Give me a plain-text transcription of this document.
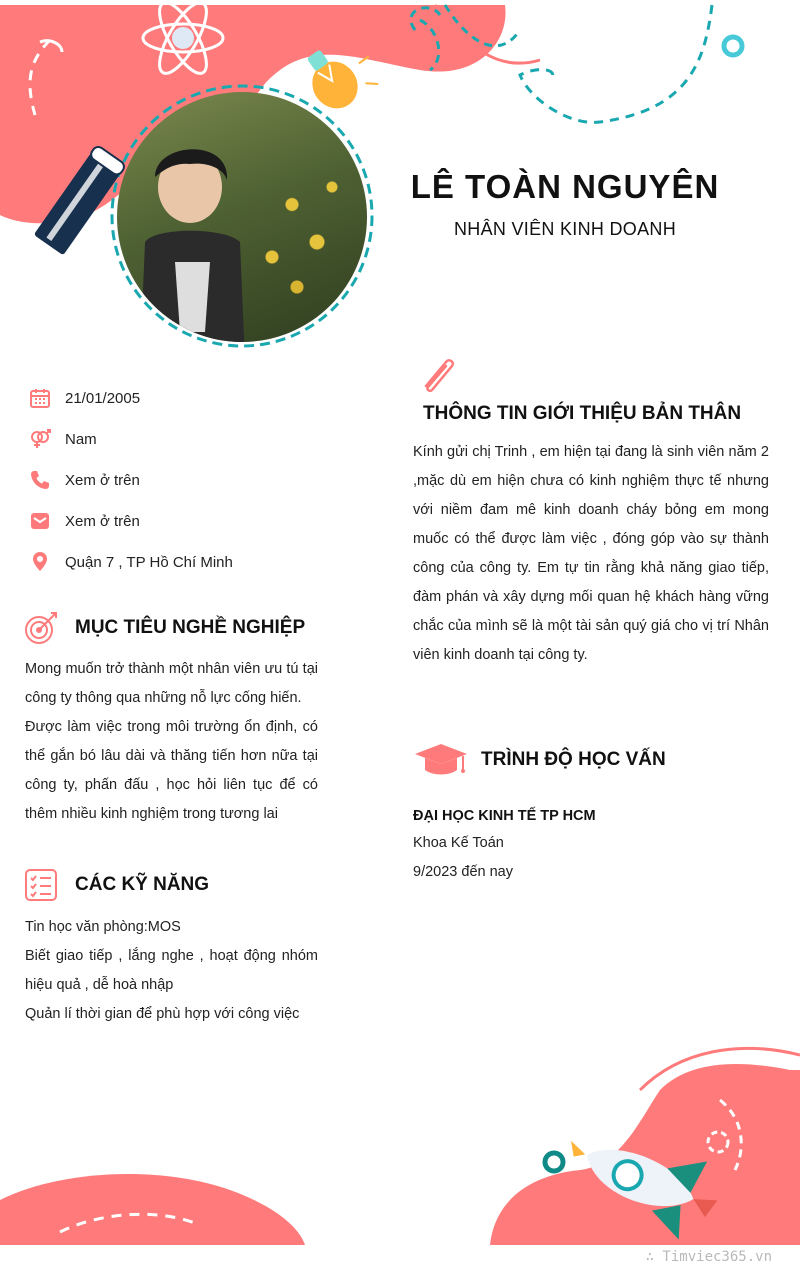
LÊ TOÀN NGUYÊN
NHÂN VIÊN KINH DOANH
21/01/2005
Nam
Xem ở trên
Xem ở trên
Quận 7 , TP Hồ Chí Minh
MỤC TIÊU NGHỀ NGHIỆP

Mong muốn trở thành một nhân viên ưu tú tại công ty thông qua những nỗ lực cống hiến.

Được làm việc trong môi trường ổn định, có thể gắn bó lâu dài và thăng tiến hơn nữa tại công ty, phấn đấu , học hỏi liên tục để có thêm nhiều kinh nghiệm trong tương lai

CÁC KỸ NĂNG

Tin học văn phòng:MOS

Biết giao tiếp , lắng nghe , hoạt động nhóm hiệu quả , dễ hoà nhập

Quản lí thời gian để phù hợp với công việc

THÔNG TIN GIỚI THIỆU BẢN THÂN

Kính gửi chị Trinh , em hiện tại đang là sinh viên năm 2 ,mặc dù em hiện chưa có kinh nghiệm thực tế nhưng với niềm đam mê kinh doanh cháy bỏng em mong muốc có thể được làm việc , đóng góp vào sự thành công của công ty. Em tự tin rằng khả năng giao tiếp, đàm phán và xây dựng mối quan hệ khách hàng vững chắc của mình sẽ là một tài sản quý giá cho vị trí Nhân viên kinh doanh tại công ty.

TRÌNH ĐỘ HỌC VẤN
ĐẠI HỌC KINH TẾ TP HCM
Khoa Kế Toán
9/2023 đến nay
∴ Timviec365.vn
